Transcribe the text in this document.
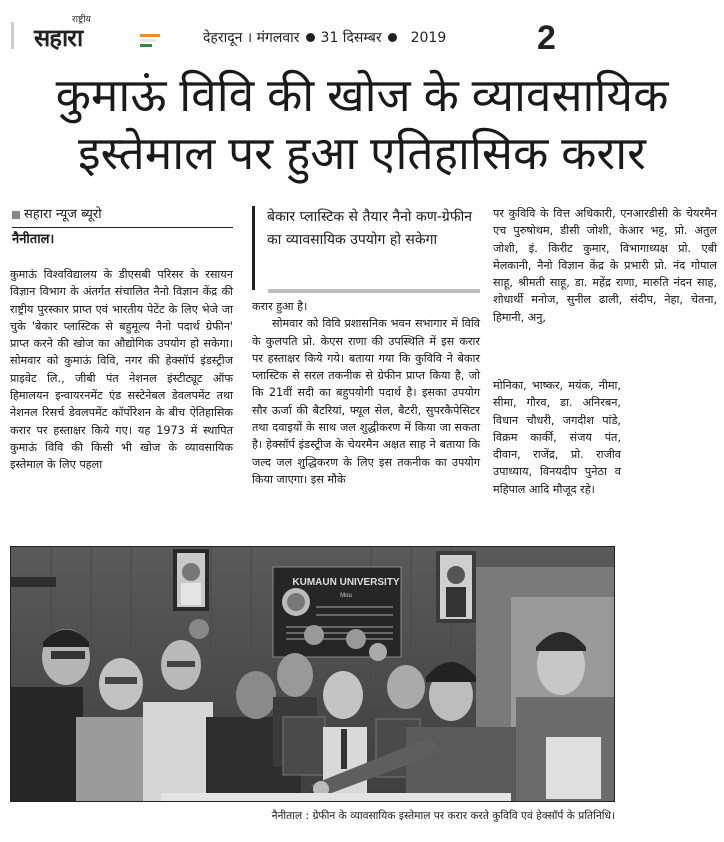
राष्ट्रीय
सहारा	देहरादून । मंगलवार 31 दिसम्बर 2019	2
कुमाऊं विवि की खोज के व्यावसायिक
इस्तेमाल पर हुआ एतिहासिक करार
सहारा न्यूज ब्यूरो
नैनीताल।
कुमाऊं विश्वविद्यालय के डीएसबी परिसर के रसायन विज्ञान विभाग के अंतर्गत संचालित नैनो विज्ञान केंद्र की राष्ट्रीय पुरस्कार प्राप्त एवं भारतीय पेटेंट के लिए भेजे जा चुके 'बेकार प्लास्टिक से बहुमूल्य नैनो पदार्थ ग्रेफीन' प्राप्त करने की खोज का औद्योगिक उपयोग हो सकेगा। सोमवार को कुमाऊं विवि, नगर की हेक्सॉर्प इंडस्ट्रीज प्राइवेट लि., जीबी पंत नेशनल इंस्टीट्यूट ऑफ हिमालयन इन्वायरनमेंट एंड सस्टेनेबल डेवलपमेंट तथा नेशनल रिसर्च डेवलपमेंट कॉर्पोरेशन के बीच ऐतिहासिक करार पर हस्ताक्षर किये गए। यह 1973 में स्थापित कुमाऊं विवि की किसी भी खोज के व्यावसायिक इस्तेमाल के लिए पहला
बेकार प्लास्टिक से तैयार नैनो कण-ग्रेफीन का व्यावसायिक उपयोग हो सकेगा
करार हुआ है।
सोमवार को विवि प्रशासनिक भवन सभागार में विवि के कुलपति प्रो. केएस राणा की उपस्थिति में इस करार पर हस्ताक्षर किये गये। बताया गया कि कुविवि ने बेकार प्लास्टिक से सरल तकनीक से ग्रेफीन प्राप्त किया है, जो कि 21वीं सदी का बहुपयोगी पदार्थ है। इसका उपयोग सौर ऊर्जा की बैटरियां, फ्यूल सेल, बैटरी, सुपरकैपेसिटर तथा दवाइयों के साथ जल शुद्धीकरण में किया जा सकता है। हेक्सॉर्प इंडस्ट्रीज के चेयरमैन अक्षत साह ने बताया कि जल्द जल शुद्धिकरण के लिए इस तकनीक का उपयोग किया जाएगा। इस मौके
पर कुविवि के वित्त अधिकारी, एनआरडीसी के चेयरमैन एच पुरुषोथम, डीसी जोशी, केआर भट्ट, प्रो. अतुल जोशी, इं. किरीट कुमार, विभागाध्यक्ष प्रो. एबी मेलकानी, नैनो विज्ञान केंद्र के प्रभारी प्रो. नंद गोपाल साहू, श्रीमती साहू, डा. महेंद्र राणा, मारुति नंदन साह, शोधार्थी मनोज, सुनील ढाली, संदीप, नेहा, चेतना, हिमानी, अनु,
मोनिका, भाष्कर, मयंक, नीमा, सीमा, गौरव, डा. अनिरबन, विधान चौधरी, जगदीश पांडे, विक्रम कार्की, संजय पंत, दीवान, राजेंद्र, प्रो. राजीव उपाध्याय, विनयदीप पुनेठा व महिपाल आदि मौजूद रहे।
KUMAUN UNIVERSITY
Mou
नैनीताल : ग्रेफीन के व्यावसायिक इस्तेमाल पर करार करते कुविवि एवं हेक्सॉर्प के प्रतिनिधि।
